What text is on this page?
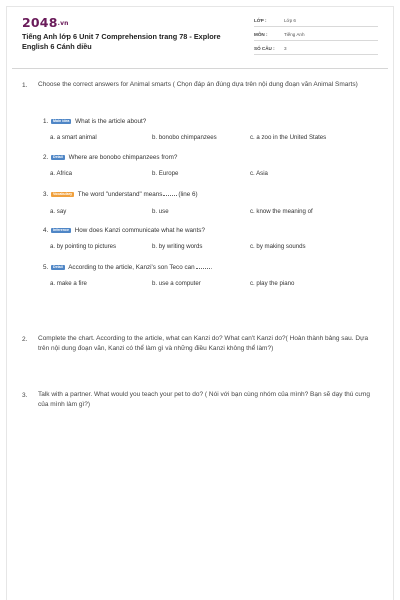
2048.vn
Tiếng Anh lớp 6 Unit 7 Comprehension trang 78 - Explore English 6 Cánh diều
LỚP :	Lớp 6
MÔN :	Tiếng Anh
SỐ CÂU : 3
1. Choose the correct answers for Animal smarts ( Chọn đáp án đúng dựa trên nội dung đoạn văn Animal Smarts)
1. Main idea What is the article about?
a. a smart animal	b. bonobo chimpanzees	c. a zoo in the United States
2. Detail Where are bonobo chimpanzees from?
a. Africa	b. Europe	c. Asia
3. Vocabulary The word "understand" means	(line 6)
a. say	b. use	c. know the meaning of
4. Inference How does Kanzi communicate what he wants?
a. by pointing to pictures	b. by writing words	c. by making sounds
5. Detail According to the article, Kanzi's son Teco can	.
a. make a fire	b. use a computer	c. play the piano
2. Complete the chart. According to the article, what can Kanzi do? What can't Kanzi do?( Hoàn thành bảng sau. Dựa trên nội dung đoạn văn, Kanzi có thể làm gì và những điều Kanzi không thể làm?)
3. Talk with a partner. What would you teach your pet to do? ( Nói với bạn cùng nhóm của mình? Bạn sẽ dạy thú cưng của mình làm gì?)
